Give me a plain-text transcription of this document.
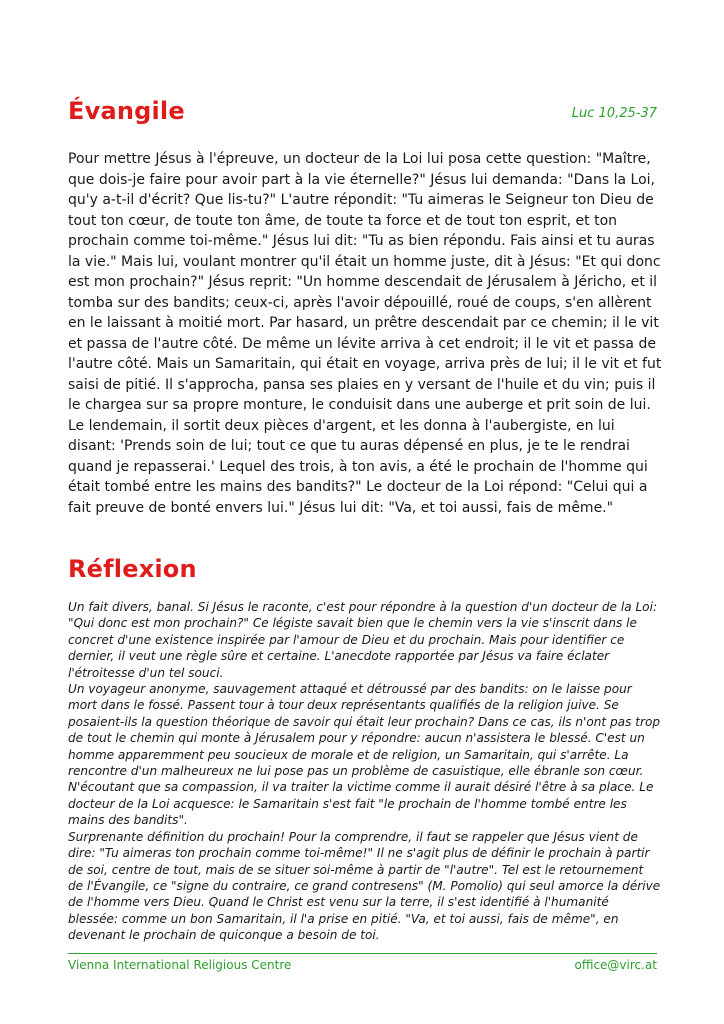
Évangile	Luc 10,25-37

Pour mettre Jésus à l'épreuve, un docteur de la Loi lui posa cette question: "Maître, que dois-je faire pour avoir part à la vie éternelle?" Jésus lui demanda: "Dans la Loi, qu'y a-t-il d'écrit? Que lis-tu?" L'autre répondit: "Tu aimeras le Seigneur ton Dieu de tout ton cœur, de toute ton âme, de toute ta force et de tout ton esprit, et ton prochain comme toi-même." Jésus lui dit: "Tu as bien répondu. Fais ainsi et tu auras la vie." Mais lui, voulant montrer qu'il était un homme juste, dit à Jésus: "Et qui donc est mon prochain?" Jésus reprit: "Un homme descendait de Jérusalem à Jéricho, et il tomba sur des bandits; ceux-ci, après l'avoir dépouillé, roué de coups, s'en allèrent en le laissant à moitié mort. Par hasard, un prêtre descendait par ce chemin; il le vit et passa de l'autre côté. De même un lévite arriva à cet endroit; il le vit et passa de l'autre côté. Mais un Samaritain, qui était en voyage, arriva près de lui; il le vit et fut saisi de pitié. Il s'approcha, pansa ses plaies en y versant de l'huile et du vin; puis il le chargea sur sa propre monture, le conduisit dans une auberge et prit soin de lui. Le lendemain, il sortit deux pièces d'argent, et les donna à l'aubergiste, en lui disant: 'Prends soin de lui; tout ce que tu auras dépensé en plus, je te le rendrai quand je repasserai.' Lequel des trois, à ton avis, a été le prochain de l'homme qui était tombé entre les mains des bandits?" Le docteur de la Loi répond: "Celui qui a fait preuve de bonté envers lui." Jésus lui dit: "Va, et toi aussi, fais de même."

Réflexion

Un fait divers, banal. Si Jésus le raconte, c'est pour répondre à la question d'un docteur de la Loi: "Qui donc est mon prochain?" Ce légiste savait bien que le chemin vers la vie s'inscrit dans le concret d'une existence inspirée par l'amour de Dieu et du prochain. Mais pour identifier ce dernier, il veut une règle sûre et certaine. L'anecdote rapportée par Jésus va faire éclater l'étroitesse d'un tel souci.

Un voyageur anonyme, sauvagement attaqué et détroussé par des bandits: on le laisse pour mort dans le fossé. Passent tour à tour deux représentants qualifiés de la religion juive. Se posaient-ils la question théorique de savoir qui était leur prochain? Dans ce cas, ils n'ont pas trop de tout le chemin qui monte à Jérusalem pour y répondre: aucun n'assistera le blessé. C'est un homme apparemment peu soucieux de morale et de religion, un Samaritain, qui s'arrête. La rencontre d'un malheureux ne lui pose pas un problème de casuistique, elle ébranle son cœur. N'écoutant que sa compassion, il va traiter la victime comme il aurait désiré l'être à sa place. Le docteur de la Loi acquesce: le Samaritain s'est fait "le prochain de l'homme tombé entre les mains des bandits".

Surprenante définition du prochain! Pour la comprendre, il faut se rappeler que Jésus vient de dire: "Tu aimeras ton prochain comme toi-même!" Il ne s'agit plus de définir le prochain à partir de soi, centre de tout, mais de se situer soi-même à partir de "l'autre". Tel est le retournement de l'Évangile, ce "signe du contraire, ce grand contresens" (M. Pomolio) qui seul amorce la dérive de l'homme vers Dieu. Quand le Christ est venu sur la terre, il s'est identifié à l'humanité blessée: comme un bon Samaritain, il l'a prise en pitié. "Va, et toi aussi, fais de même", en devenant le prochain de quiconque a besoin de toi.

Vienna International Religious Centre	office@virc.at
